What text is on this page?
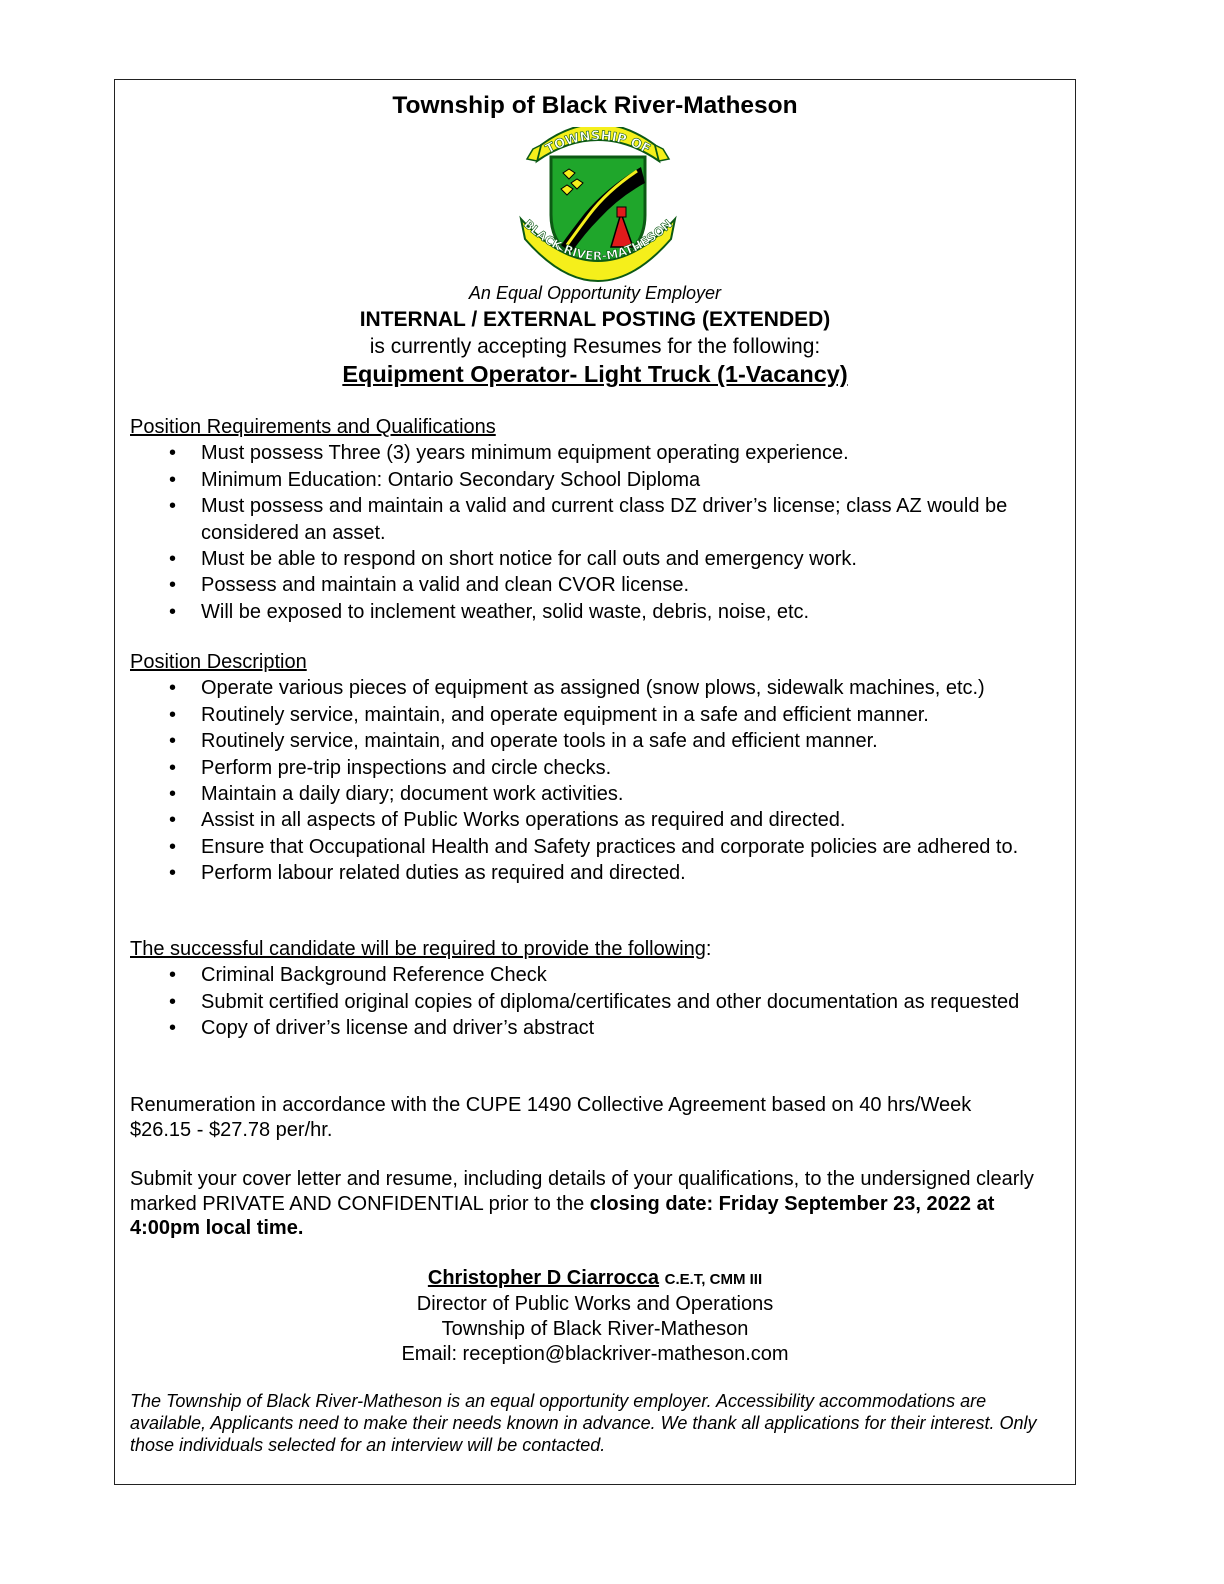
Township of Black River-Matheson
TOWNSHIP OF
BLACK RIVER-MATHESON
An Equal Opportunity Employer
INTERNAL / EXTERNAL POSTING (EXTENDED)
is currently accepting Resumes for the following:
Equipment Operator- Light Truck (1-Vacancy)
Position Requirements and Qualifications
• Must possess Three (3) years minimum equipment operating experience.
• Minimum Education: Ontario Secondary School Diploma
• Must possess and maintain a valid and current class DZ driver’s license; class AZ would be considered an asset.
• Must be able to respond on short notice for call outs and emergency work.
• Possess and maintain a valid and clean CVOR license.
• Will be exposed to inclement weather, solid waste, debris, noise, etc.
Position Description
• Operate various pieces of equipment as assigned (snow plows, sidewalk machines, etc.)
• Routinely service, maintain, and operate equipment in a safe and efficient manner.
• Routinely service, maintain, and operate tools in a safe and efficient manner.
• Perform pre-trip inspections and circle checks.
• Maintain a daily diary; document work activities.
• Assist in all aspects of Public Works operations as required and directed.
• Ensure that Occupational Health and Safety practices and corporate policies are adhered to.
• Perform labour related duties as required and directed.
The successful candidate will be required to provide the following:
• Criminal Background Reference Check
• Submit certified original copies of diploma/certificates and other documentation as requested
• Copy of driver’s license and driver’s abstract
Renumeration in accordance with the CUPE 1490 Collective Agreement based on 40 hrs/Week
$26.15 - $27.78 per/hr.
Submit your cover letter and resume, including details of your qualifications, to the undersigned clearly marked PRIVATE AND CONFIDENTIAL prior to the closing date: Friday September 23, 2022 at 4:00pm local time.
Christopher D Ciarrocca C.E.T, CMM III
Director of Public Works and Operations
Township of Black River-Matheson
Email: reception@blackriver-matheson.com
The Township of Black River-Matheson is an equal opportunity employer. Accessibility accommodations are available, Applicants need to make their needs known in advance. We thank all applications for their interest. Only those individuals selected for an interview will be contacted.
